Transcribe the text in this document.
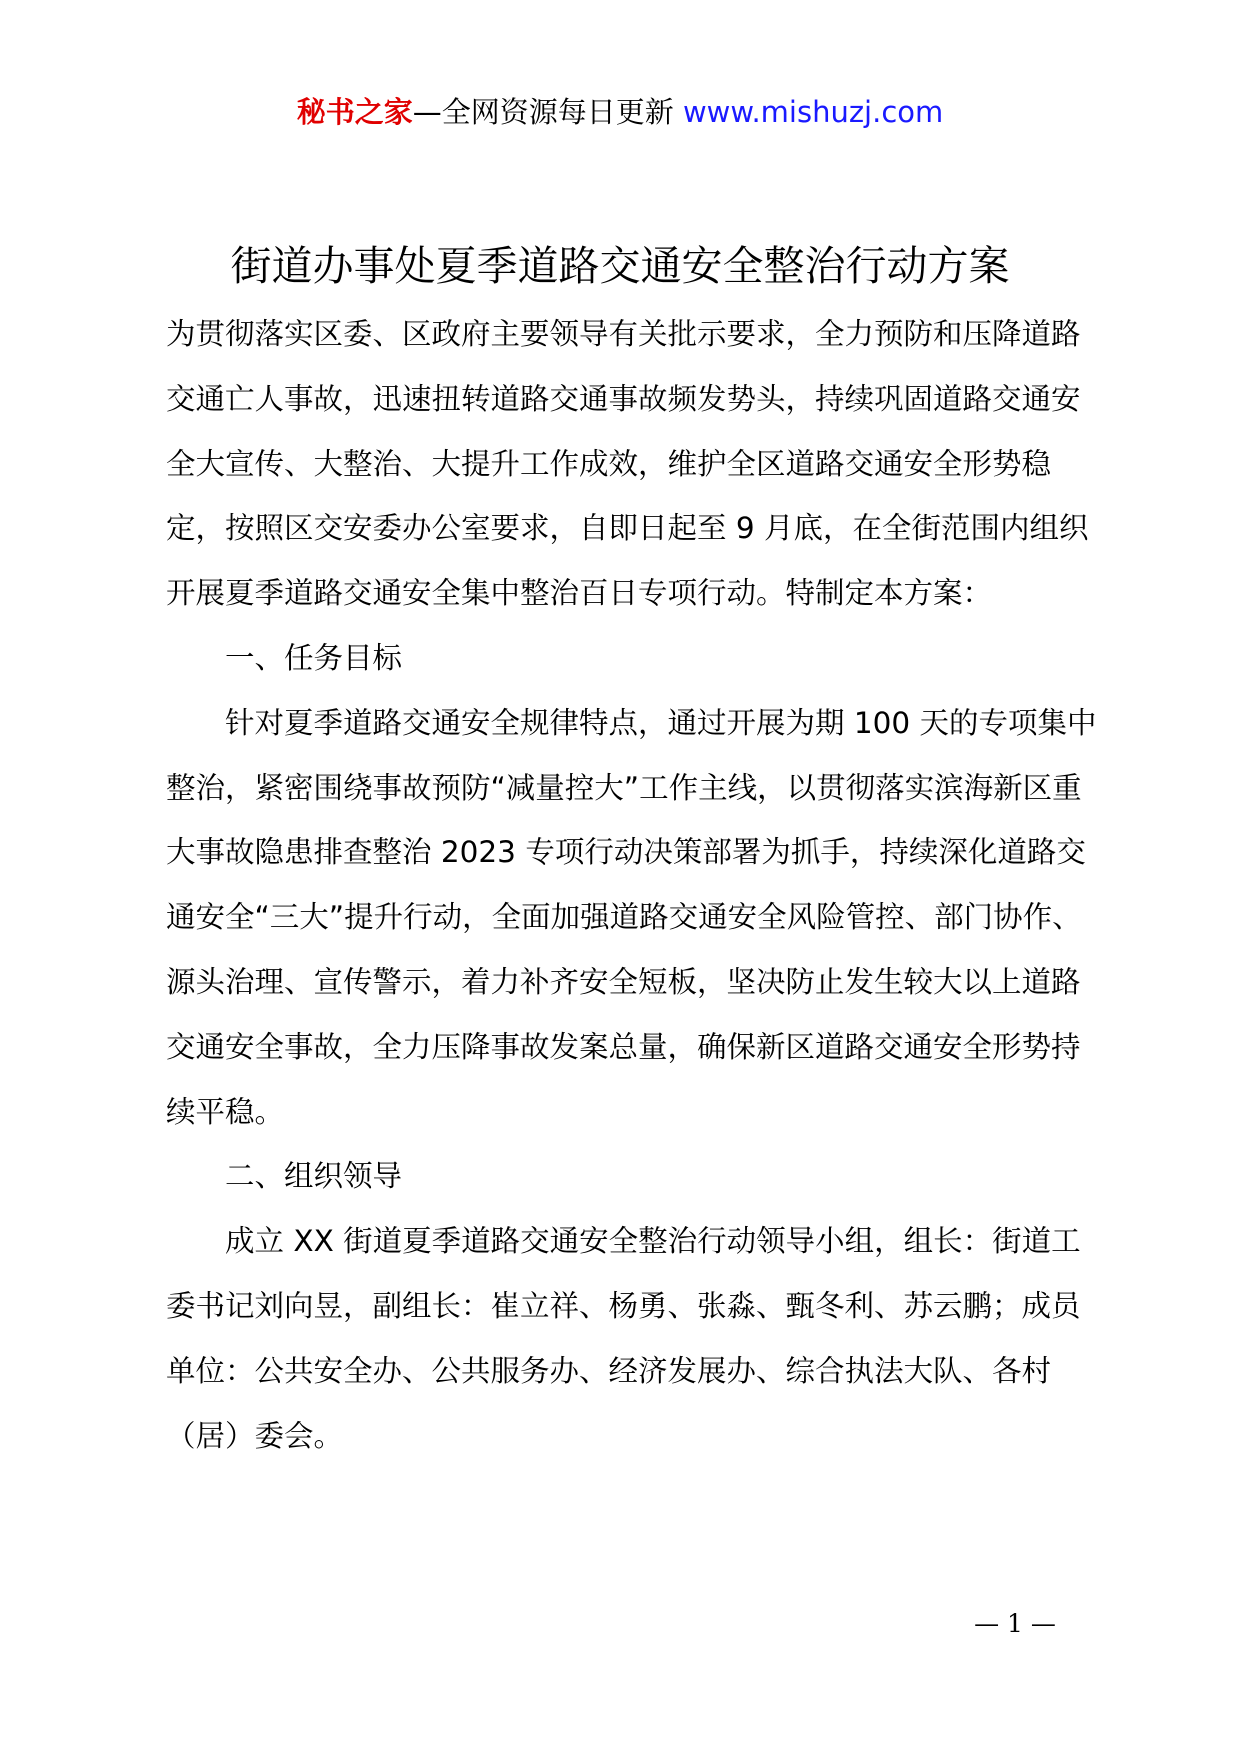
秘书之家—全网资源每日更新 www.mishuzj.com
街道办事处夏季道路交通安全整治行动方案

为贯彻落实区委、区政府主要领导有关批示要求，全力预防和压降道路交通亡人事故，迅速扭转道路交通事故频发势头，持续巩固道路交通安全大宣传、大整治、大提升工作成效，维护全区道路交通安全形势稳定，按照区交安委办公室要求，自即日起至 9 月底，在全街范围内组织开展夏季道路交通安全集中整治百日专项行动。特制定本方案：

一、任务目标

针对夏季道路交通安全规律特点，通过开展为期 100 天的专项集中整治，紧密围绕事故预防“减量控大”工作主线，以贯彻落实滨海新区重大事故隐患排查整治 2023 专项行动决策部署为抓手，持续深化道路交通安全“三大”提升行动，全面加强道路交通安全风险管控、部门协作、源头治理、宣传警示，着力补齐安全短板，坚决防止发生较大以上道路交通安全事故，全力压降事故发案总量，确保新区道路交通安全形势持续平稳。

二、组织领导

成立 XX 街道夏季道路交通安全整治行动领导小组，组长：街道工委书记刘向昱，副组长：崔立祥、杨勇、张淼、甄冬利、苏云鹏；成员单位：公共安全办、公共服务办、经济发展办、综合执法大队、各村（居）委会。

— 1 —
